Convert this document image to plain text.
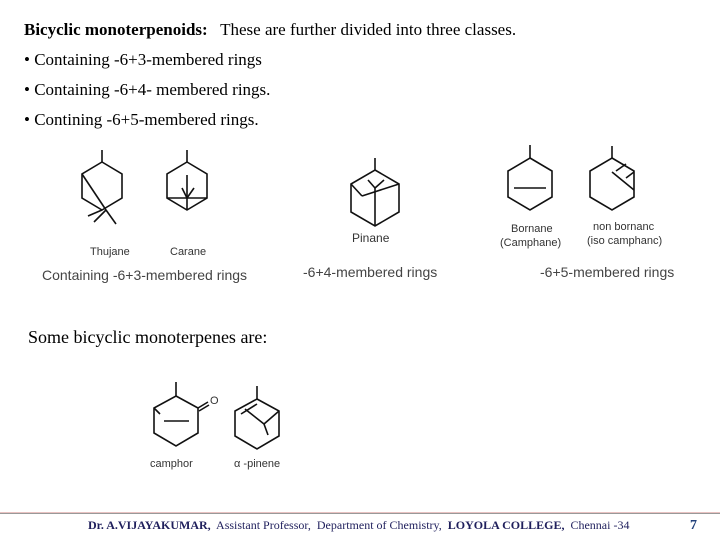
Bicyclic monoterpenoids: These are further divided into three classes.
• Containing -6+3-membered rings
• Containing -6+4- membered rings.
• Contining -6+5-membered rings.
Thujane	Carane
Pinane
Bornane
(Camphane)
non bornanc
(iso camphanc)
Containing -6+3-membered rings	-6+4-membered rings	-6+5-membered rings
O
camphor	α -pinene
Some bicyclic monoterpenes are:
Dr. A.VIJAYAKUMAR, Assistant Professor, Department of Chemistry, LOYOLA COLLEGE, Chennai -34	7
